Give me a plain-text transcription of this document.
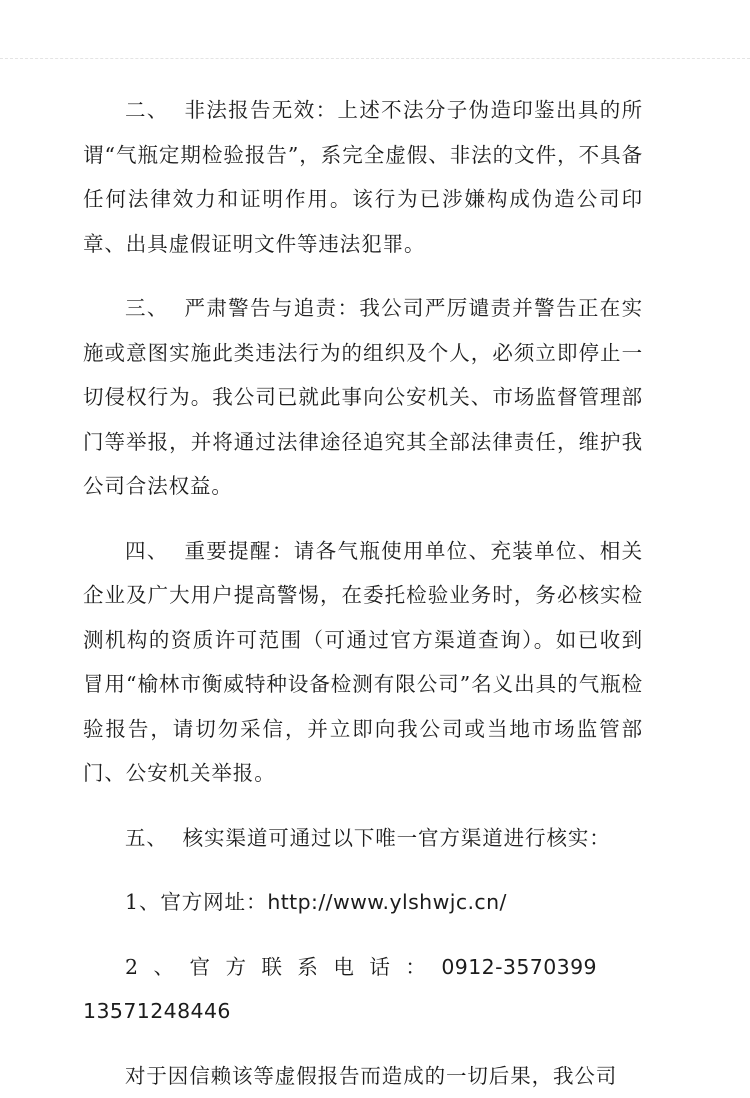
二、 非法报告无效：上述不法分子伪造印鉴出具的所谓“气瓶定期检验报告”，系完全虚假、非法的文件，不具备任何法律效力和证明作用。该行为已涉嫌构成伪造公司印章、出具虚假证明文件等违法犯罪。

三、 严肃警告与追责：我公司严厉谴责并警告正在实施或意图实施此类违法行为的组织及个人，必须立即停止一切侵权行为。我公司已就此事向公安机关、市场监督管理部门等举报，并将通过法律途径追究其全部法律责任，维护我公司合法权益。

四、 重要提醒：请各气瓶使用单位、充装单位、相关企业及广大用户提高警惕，在委托检验业务时，务必核实检测机构的资质许可范围（可通过官方渠道查询）。如已收到冒用“榆林市衡威特种设备检测有限公司”名义出具的气瓶检验报告，请切勿采信，并立即向我公司或当地市场监管部门、公安机关举报。

五、 核实渠道可通过以下唯一官方渠道进行核实：

1、官方网址：http://www.ylshwjc.cn/

2、官方联系电话：0912-357039913571248446

对于因信赖该等虚假报告而造成的一切后果，我公司
